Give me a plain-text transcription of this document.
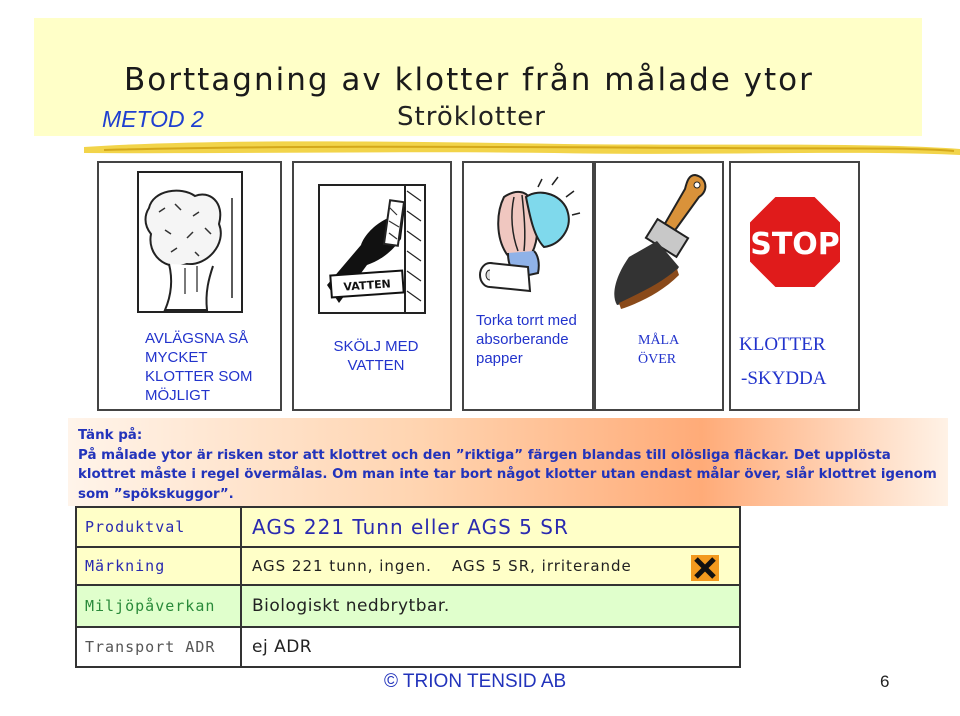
Borttagning av klotter från målade ytor
METOD 2	Ströklotter
AVLÄGSNA SÅ MYCKET KLOTTER SOM MÖJLIGT
VATTEN
SKÖLJ MED VATTEN
Torka torrt med absorberande papper
MÅLA ÖVER
STOP
KLOTTER
-SKYDDA
Tänk på:
På målade ytor är risken stor att klottret och den ”riktiga” färgen blandas till olösliga fläckar. Det upplösta klottret måste i regel övermålas. Om man inte tar bort något klotter utan endast målar över, slår klottret igenom som ”spökskuggor”.
Produktval	AGS 221 Tunn eller AGS 5 SR
Märkning	AGS 221 tunn, ingen. AGS 5 SR, irriterande

Miljöpåverkan	Biologiskt nedbrytbar.
Transport ADR	ej ADR
© TRION TENSID AB	6
